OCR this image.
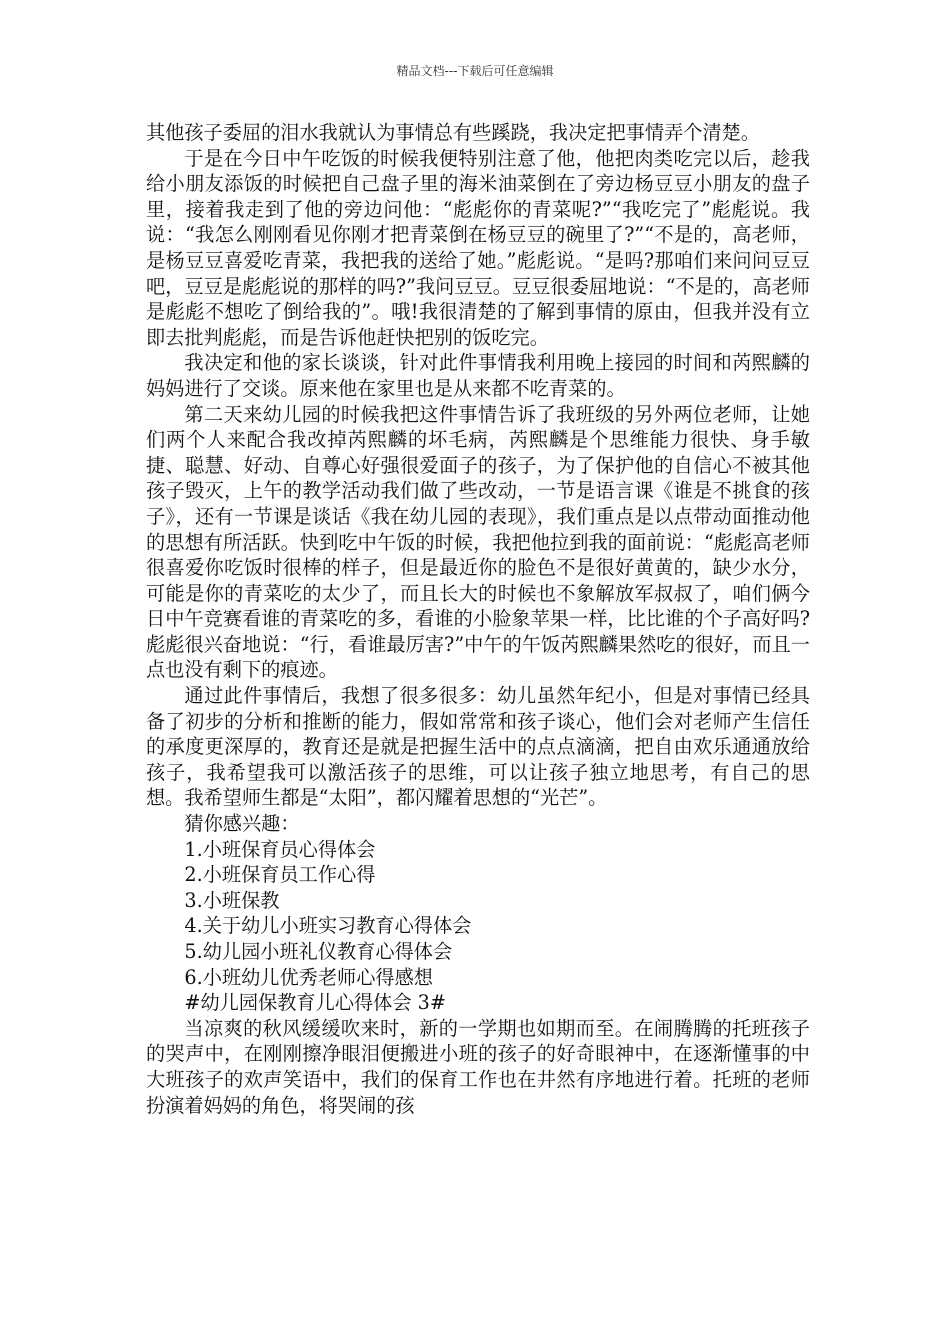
精品文档---下载后可任意编辑

其他孩子委屈的泪水我就认为事情总有些蹊跷，我决定把事情弄个清楚。

于是在今日中午吃饭的时候我便特别注意了他，他把肉类吃完以后，趁我给小朋友添饭的时候把自己盘子里的海米油菜倒在了旁边杨豆豆小朋友的盘子里，接着我走到了他的旁边问他：“彪彪你的青菜呢?”“我吃完了”彪彪说。我说：“我怎么刚刚看见你刚才把青菜倒在杨豆豆的碗里了?”“不是的，高老师，是杨豆豆喜爱吃青菜，我把我的送给了她。”彪彪说。“是吗?那咱们来问问豆豆吧，豆豆是彪彪说的那样的吗?”我问豆豆。豆豆很委屈地说：“不是的，高老师是彪彪不想吃了倒给我的”。哦!我很清楚的了解到事情的原由，但我并没有立即去批判彪彪，而是告诉他赶快把别的饭吃完。

我决定和他的家长谈谈，针对此件事情我利用晚上接园的时间和芮熙麟的妈妈进行了交谈。原来他在家里也是从来都不吃青菜的。

第二天来幼儿园的时候我把这件事情告诉了我班级的另外两位老师，让她们两个人来配合我改掉芮熙麟的坏毛病，芮熙麟是个思维能力很快、身手敏捷、聪慧、好动、自尊心好强很爱面子的孩子，为了保护他的自信心不被其他孩子毁灭，上午的教学活动我们做了些改动，一节是语言课《谁是不挑食的孩子》，还有一节课是谈话《我在幼儿园的表现》，我们重点是以点带动面推动他的思想有所活跃。快到吃中午饭的时候，我把他拉到我的面前说：“彪彪高老师很喜爱你吃饭时很棒的样子，但是最近你的脸色不是很好黄黄的，缺少水分，可能是你的青菜吃的太少了，而且长大的时候也不象解放军叔叔了，咱们俩今日中午竞赛看谁的青菜吃的多，看谁的小脸象苹果一样，比比谁的个子高好吗?彪彪很兴奋地说：“行，看谁最厉害?”中午的午饭芮熙麟果然吃的很好，而且一点也没有剩下的痕迹。

通过此件事情后，我想了很多很多：幼儿虽然年纪小，但是对事情已经具备了初步的分析和推断的能力，假如常常和孩子谈心，他们会对老师产生信任的承度更深厚的，教育还是就是把握生活中的点点滴滴，把自由欢乐通通放给孩子，我希望我可以激活孩子的思维，可以让孩子独立地思考，有自己的思想。我希望师生都是“太阳”，都闪耀着思想的“光芒”。

猜你感兴趣：

1.小班保育员心得体会

2.小班保育员工作心得

3.小班保教

4.关于幼儿小班实习教育心得体会

5.幼儿园小班礼仪教育心得体会

6.小班幼儿优秀老师心得感想

#幼儿园保教育儿心得体会 3#

当凉爽的秋风缓缓吹来时，新的一学期也如期而至。在闹腾腾的托班孩子的哭声中，在刚刚擦净眼泪便搬进小班的孩子的好奇眼神中，在逐渐懂事的中大班孩子的欢声笑语中，我们的保育工作也在井然有序地进行着。托班的老师扮演着妈妈的角色，将哭闹的孩
